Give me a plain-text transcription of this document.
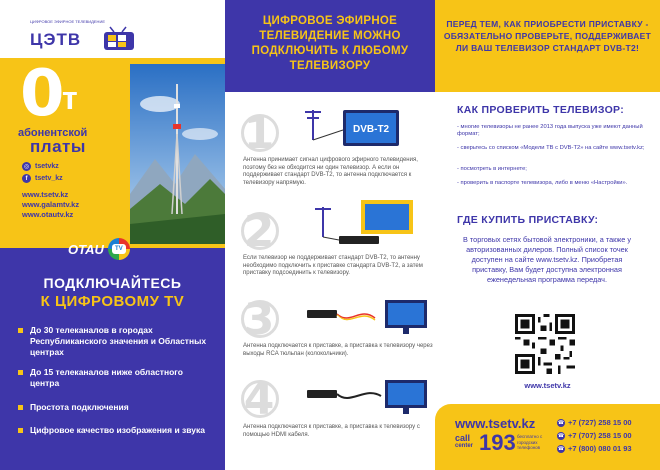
ЦИФРОВОЕ ЭФИРНОЕ ТЕЛЕВИДЕНИЕ
ЦЭТВ
0
т
абонентской
платы
◎ tsetvkz
f	tsetv_kz
www.tsetv.kz
www.galamtv.kz
www.otautv.kz
OTAU
TV
ПОДКЛЮЧАЙТЕСЬ
К ЦИФРОВОМУ TV
До 30 телеканалов в городах Республиканского значения и Областных центрах
До 15 телеканалов ниже областного центра
Простота подключения
Цифровое качество изображения и звука
ЦИФРОВОЕ ЭФИРНОЕ ТЕЛЕВИДЕНИЕ МОЖНО ПОДКЛЮЧИТЬ К ЛЮБОМУ ТЕЛЕВИЗОРУ
1	DVB-T2
Антенна принимает сигнал цифрового эфирного телевидения, поэтому без не обходится ни один телевизор. А если он поддерживает стандарт DVB-T2, то антенна подключается к телевизору напрямую.
2
Если телевизор не поддерживает стандарт DVB-T2, то антенну необходимо подключить к приставке стандарта DVB-T2, а затем приставку подсоединить к телевизору.
3
Антенна подключается к приставке, а приставка к телевизору через выходы RCA тюльпан (колокольчики).
4
Антенна подключается к приставке, а приставка к телевизору с помощью HDMI кабеля.
ПЕРЕД ТЕМ, КАК ПРИОБРЕСТИ ПРИСТАВКУ - ОБЯЗАТЕЛЬНО ПРОВЕРЬТЕ, ПОДДЕРЖИВАЕТ ЛИ ВАШ ТЕЛЕВИЗОР СТАНДАРТ DVB-T2!
КАК ПРОВЕРИТЬ ТЕЛЕВИЗОР:
- многие телевизоры не ранее 2013 года выпуска уже имеют данный формат;
- сверьтесь со списком «Модели ТВ с DVB-T2» на сайте www.tsetv.kz;
- посмотреть в интернете;
- проверить в паспорте телевизора, либо в меню «Настройки».
ГДЕ КУПИТЬ ПРИСТАВКУ:
В торговых сетях бытовой электроники, а также у авторизованных дилеров. Полный список точек доступен на сайте www.tsetv.kz. Приобретая приставку, Вам будет доступна электронная еженедельная программа передач.
www.tsetv.kz
www.tsetv.kz
call
center 193 бесплатно с городских телефонов
☎ +7 (727) 258 15 00
☎ +7 (707) 258 15 00
☎ +7 (800) 080 01 93
